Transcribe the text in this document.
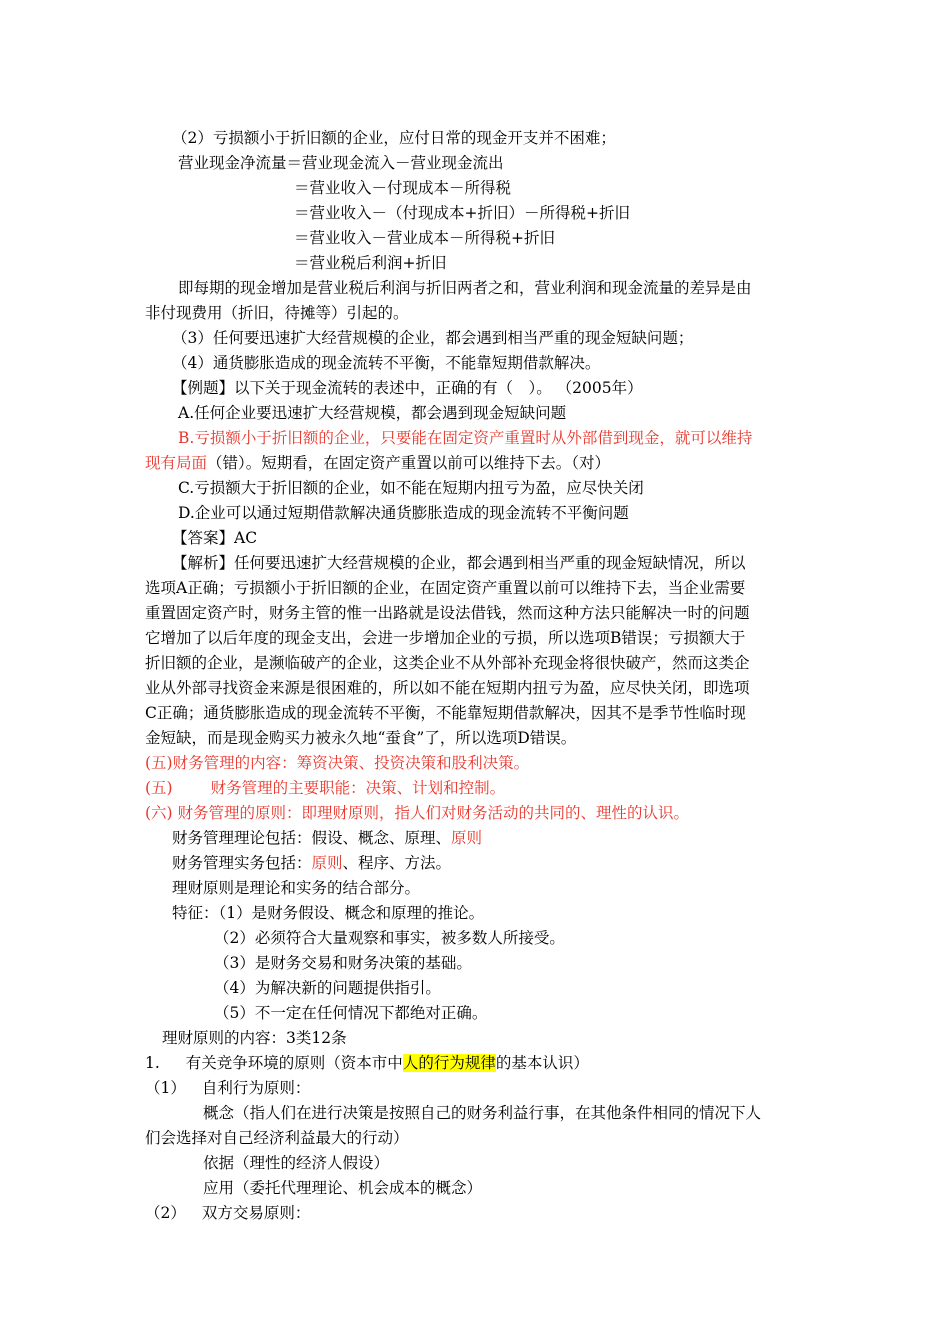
（2）亏损额小于折旧额的企业，应付日常的现金开支并不困难；
营业现金净流量＝营业现金流入－营业现金流出
＝营业收入－付现成本－所得税
＝营业收入－（付现成本+折旧）－所得税+折旧
＝营业收入－营业成本－所得税+折旧
＝营业税后利润+折旧
即每期的现金增加是营业税后利润与折旧两者之和，营业利润和现金流量的差异是由
非付现费用（折旧，待摊等）引起的。
（3）任何要迅速扩大经营规模的企业，都会遇到相当严重的现金短缺问题；
（4）通货膨胀造成的现金流转不平衡，不能靠短期借款解决。
【例题】以下关于现金流转的表述中，正确的有（　）。 （2005年）
A.任何企业要迅速扩大经营规模，都会遇到现金短缺问题
B.亏损额小于折旧额的企业，只要能在固定资产重置时从外部借到现金，就可以维持
现有局面（错）。短期看，在固定资产重置以前可以维持下去。（对）
C.亏损额大于折旧额的企业，如不能在短期内扭亏为盈，应尽快关闭
D.企业可以通过短期借款解决通货膨胀造成的现金流转不平衡问题
【答案】AC
【解析】任何要迅速扩大经营规模的企业，都会遇到相当严重的现金短缺情况，所以
选项A正确；亏损额小于折旧额的企业，在固定资产重置以前可以维持下去，当企业需要
重置固定资产时，财务主管的惟一出路就是设法借钱，然而这种方法只能解决一时的问题
它增加了以后年度的现金支出，会进一步增加企业的亏损，所以选项B错误；亏损额大于
折旧额的企业，是濒临破产的企业，这类企业不从外部补充现金将很快破产，然而这类企
业从外部寻找资金来源是很困难的，所以如不能在短期内扭亏为盈，应尽快关闭，即选项
C正确；通货膨胀造成的现金流转不平衡，不能靠短期借款解决，因其不是季节性临时现
金短缺，而是现金购买力被永久地“蚕食”了，所以选项D错误。
(五)财务管理的内容：筹资决策、投资决策和股利决策。
(五) 财务管理的主要职能：决策、计划和控制。
(六) 财务管理的原则：即理财原则，指人们对财务活动的共同的、理性的认识。
财务管理理论包括：假设、概念、原理、原则
财务管理实务包括：原则、程序、方法。
理财原则是理论和实务的结合部分。
特征：（1）是财务假设、概念和原理的推论。
（2）必须符合大量观察和事实，被多数人所接受。
（3）是财务交易和财务决策的基础。
（4）为解决新的问题提供指引。
（5）不一定在任何情况下都绝对正确。
理财原则的内容：3类12条
1. 有关竞争环境的原则（资本市中人的行为规律的基本认识）
（1） 自利行为原则：
概念（指人们在进行决策是按照自己的财务利益行事，在其他条件相同的情况下人
们会选择对自己经济利益最大的行动）
依据（理性的经济人假设）
应用（委托代理理论、机会成本的概念）
（2） 双方交易原则：
